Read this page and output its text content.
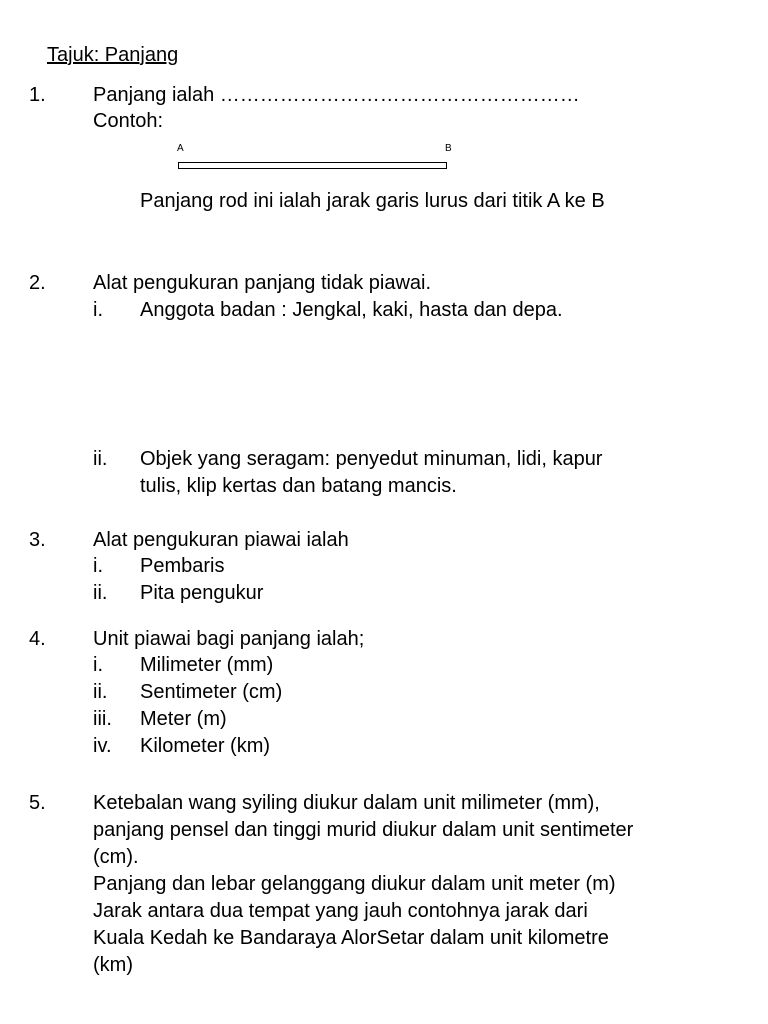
Tajuk: Panjang
1. Panjang ialah ………………………………………………
Contoh:
A	B
Panjang rod ini ialah jarak garis lurus dari titik A ke B
2. Alat pengukuran panjang tidak piawai.
i. Anggota badan : Jengkal, kaki, hasta dan depa.
ii. Objek yang seragam: penyedut minuman, lidi, kapur
tulis, klip kertas dan batang mancis.
3. Alat pengukuran piawai ialah
i. Pembaris
ii. Pita pengukur
4. Unit piawai bagi panjang ialah;
i. Milimeter (mm)
ii. Sentimeter (cm)
iii. Meter (m)
iv. Kilometer (km)
5. Ketebalan wang syiling diukur dalam unit milimeter (mm),
panjang pensel dan tinggi murid diukur dalam unit sentimeter
(cm).
Panjang dan lebar gelanggang diukur dalam unit meter (m)
Jarak antara dua tempat yang jauh contohnya jarak dari
Kuala Kedah ke Bandaraya AlorSetar dalam unit kilometre
(km)
